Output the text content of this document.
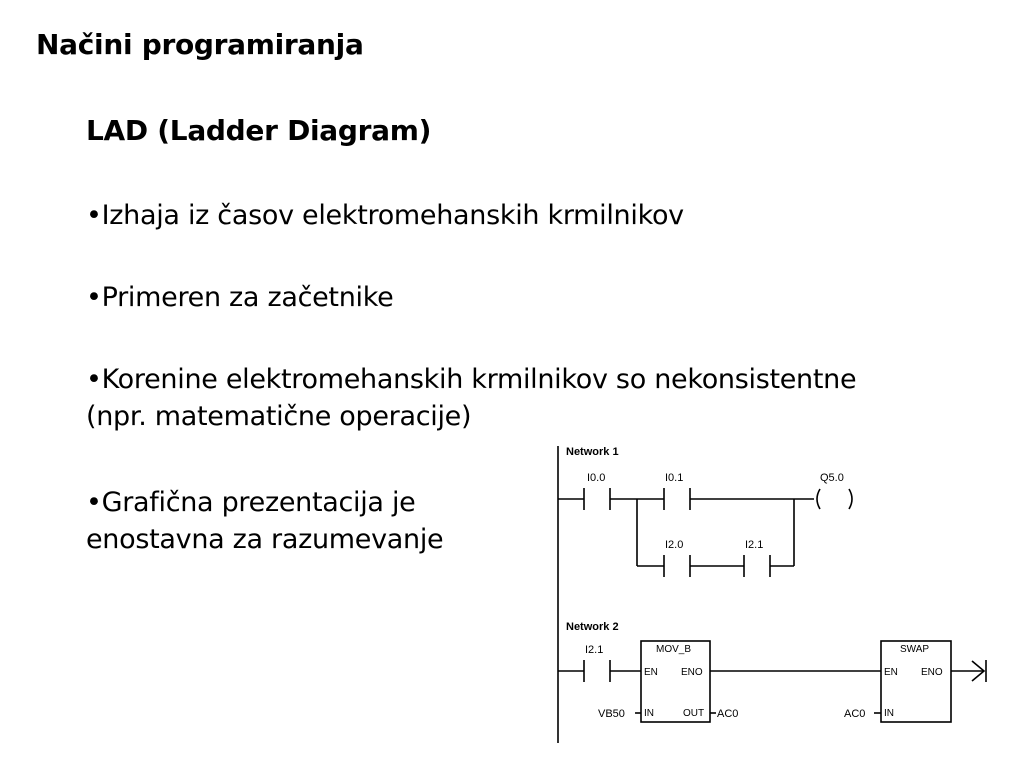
Načini programiranja
LAD (Ladder Diagram)
•Izhaja iz časov elektromehanskih krmilnikov
•Primeren za začetnike
•Korenine elektromehanskih krmilnikov so nekonsistentne
(npr. matematične operacije)
•Grafična prezentacija je
enostavna za razumevanje
Network 1
I0.0	I0.1	Q5.0
I2.0	I2.1
Network 2
I2.1	MOV_B
EN ENO
IN	OUT
VB50	AC0
SWAP
EN ENO
IN
AC0
